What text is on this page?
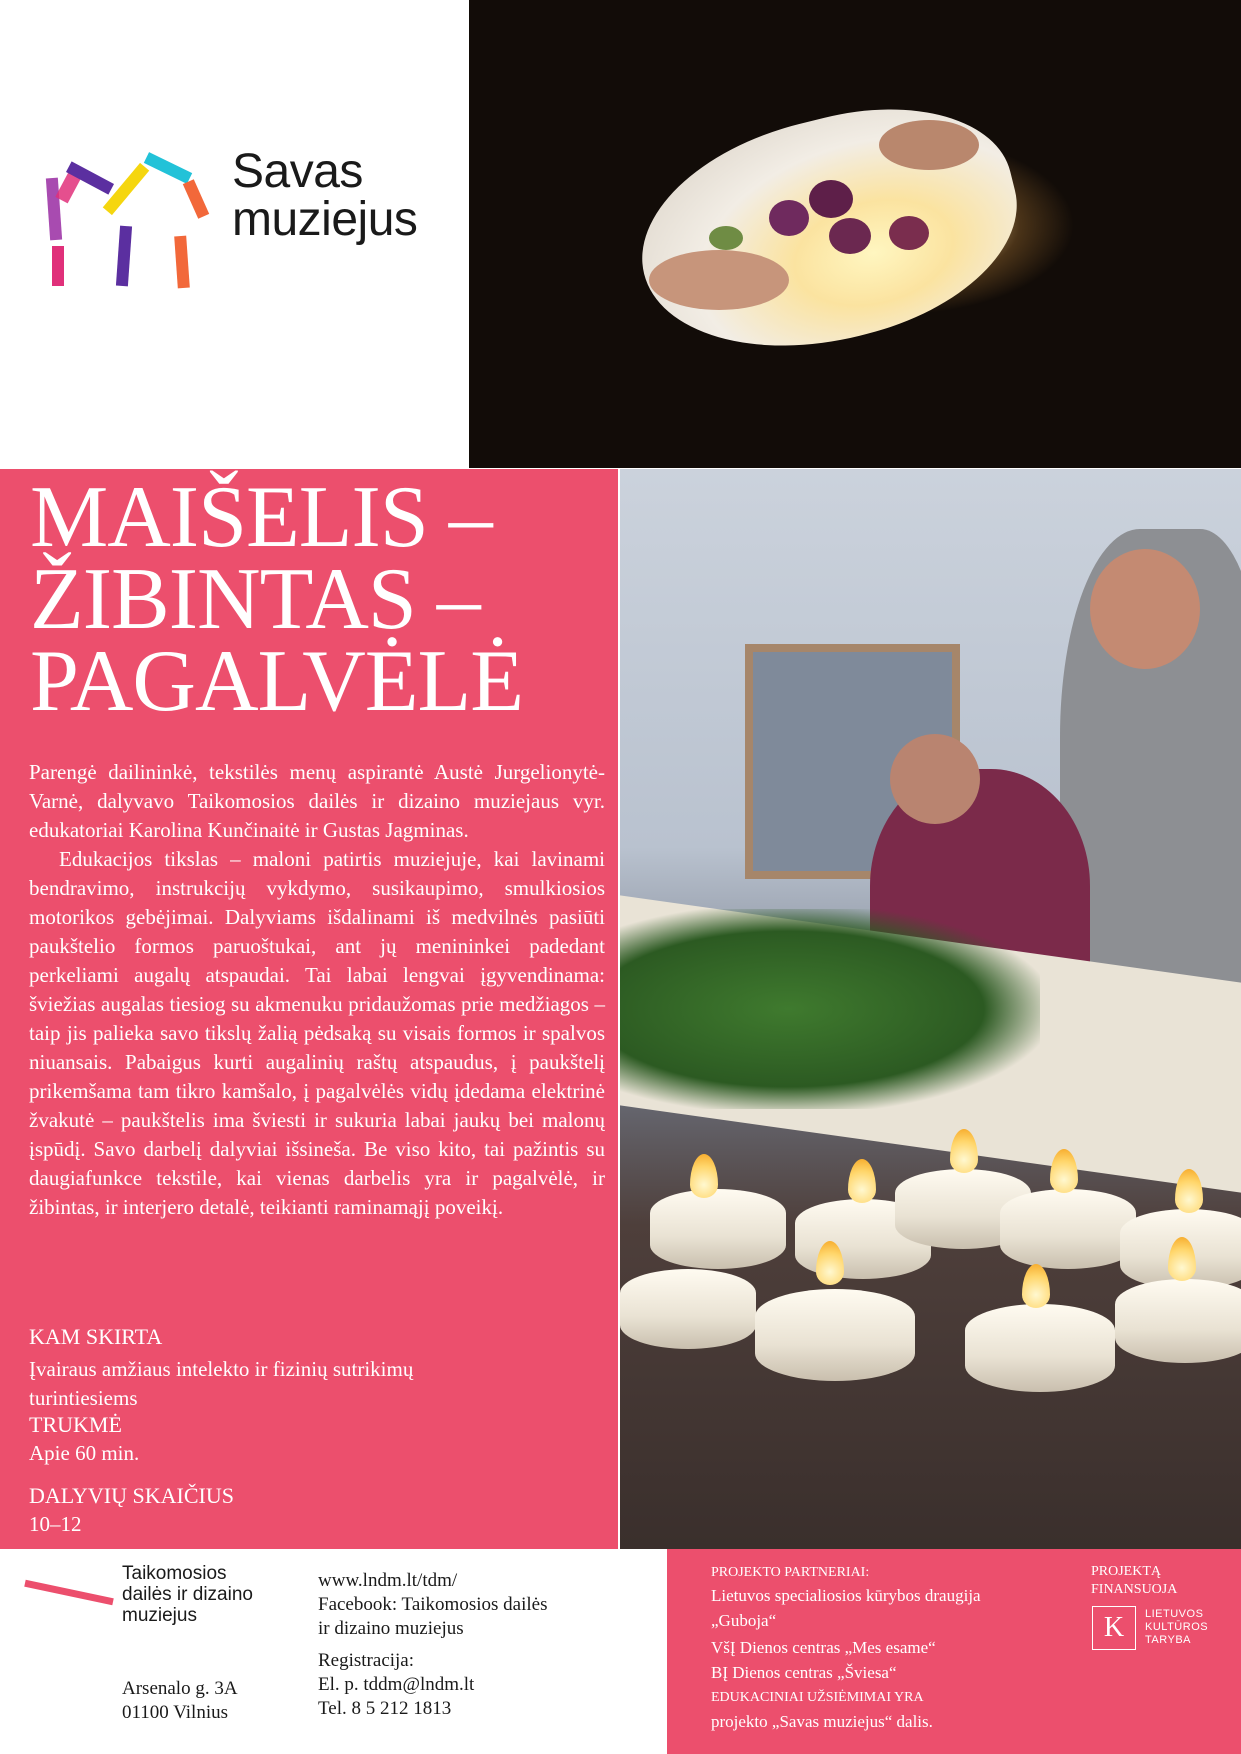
Savas
muziejus
MAIŠELIS –
ŽIBINTAS –
PAGALVĖLĖ

Parengė dailininkė, tekstilės menų aspirantė Austė Jurgelionytė-Varnė, dalyvavo Taikomosios dailės ir dizaino muziejaus vyr. edukatoriai Karolina Kunčinaitė ir Gustas Jagminas.

Edukacijos tikslas – maloni patirtis muziejuje, kai lavinami bendravimo, instrukcijų vykdymo, susikaupimo, smulkiosios motorikos gebėjimai. Dalyviams išdalinami iš medvilnės pasiūti paukštelio formos paruoštukai, ant jų menininkei padedant perkeliami augalų atspaudai. Tai labai lengvai įgyvendinama: šviežias augalas tiesiog su akmenuku pridaužomas prie medžiagos – taip jis palieka savo tikslų žalią pėdsaką su visais formos ir spalvos niuansais. Pabaigus kurti augalinių raštų atspaudus, į paukštelį prikemšama tam tikro kamšalo, į pagalvėlės vidų įdedama elektrinė žvakutė – paukštelis ima šviesti ir sukuria labai jaukų bei malonų įspūdį. Savo darbelį dalyviai išsineša. Be viso kito, tai pažintis su daugiafunkce tekstile, kai vienas darbelis yra ir pagalvėlė, ir žibintas, ir interjero detalė, teikianti raminamąjį poveikį.

KAM SKIRTA
Įvairaus amžiaus intelekto ir fizinių sutrikimų
turintiesiems
TRUKMĖ
Apie 60 min.
DALYVIŲ SKAIČIUS
10–12
Taikomosios
dailės ir dizaino
muziejus
Arsenalo g. 3A
01100 Vilnius
www.lndm.lt/tdm/
Facebook: Taikomosios dailės
ir dizaino muziejus
Registracija:
El. p. tddm@lndm.lt
Tel. 8 5 212 1813
PROJEKTO PARTNERIAI:
Lietuvos specialiosios kūrybos draugija
„Guboja“
VšĮ Dienos centras „Mes esame“
BĮ Dienos centras „Šviesa“
EDUKACINIAI UŽSIĖMIMAI YRA
projekto „Savas muziejus“ dalis.
PROJEKTĄ
FINANSUOJA
K LIETUVOS
KULTŪROS
TARYBA
